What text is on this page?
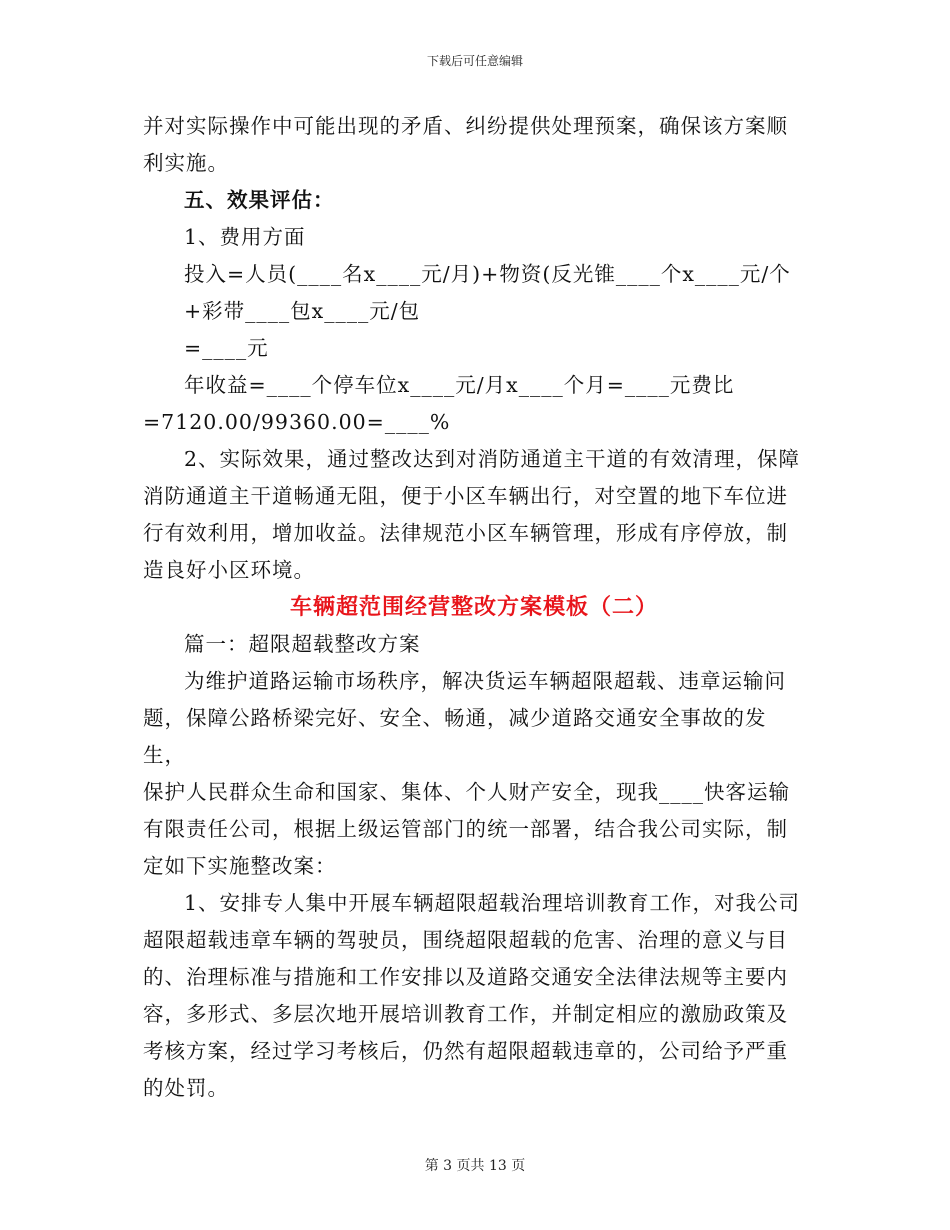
下载后可任意编辑

并对实际操作中可能出现的矛盾、纠纷提供处理预案，确保该方案顺

利实施。

五、效果评估：

1、费用方面

投入=人员(____名x____元/月)+物资(反光锥____个x____元/个

+彩带____包x____元/包

=____元

年收益=____个停车位x____元/月x____个月=____元费比

=7120.00/99360.00=____%

2、实际效果，通过整改达到对消防通道主干道的有效清理，保障

消防通道主干道畅通无阻，便于小区车辆出行，对空置的地下车位进

行有效利用，增加收益。法律规范小区车辆管理，形成有序停放，制

造良好小区环境。

车辆超范围经营整改方案模板（二）

篇一：超限超载整改方案

为维护道路运输市场秩序，解决货运车辆超限超载、违章运输问

题，保障公路桥梁完好、安全、畅通，减少道路交通安全事故的发生，

保护人民群众生命和国家、集体、个人财产安全，现我____快客运输

有限责任公司，根据上级运管部门的统一部署，结合我公司实际，制

定如下实施整改案：

1、安排专人集中开展车辆超限超载治理培训教育工作，对我公司

超限超载违章车辆的驾驶员，围绕超限超载的危害、治理的意义与目

的、治理标准与措施和工作安排以及道路交通安全法律法规等主要内

容，多形式、多层次地开展培训教育工作，并制定相应的激励政策及

考核方案，经过学习考核后，仍然有超限超载违章的，公司给予严重

的处罚。

第 3 页共 13 页
